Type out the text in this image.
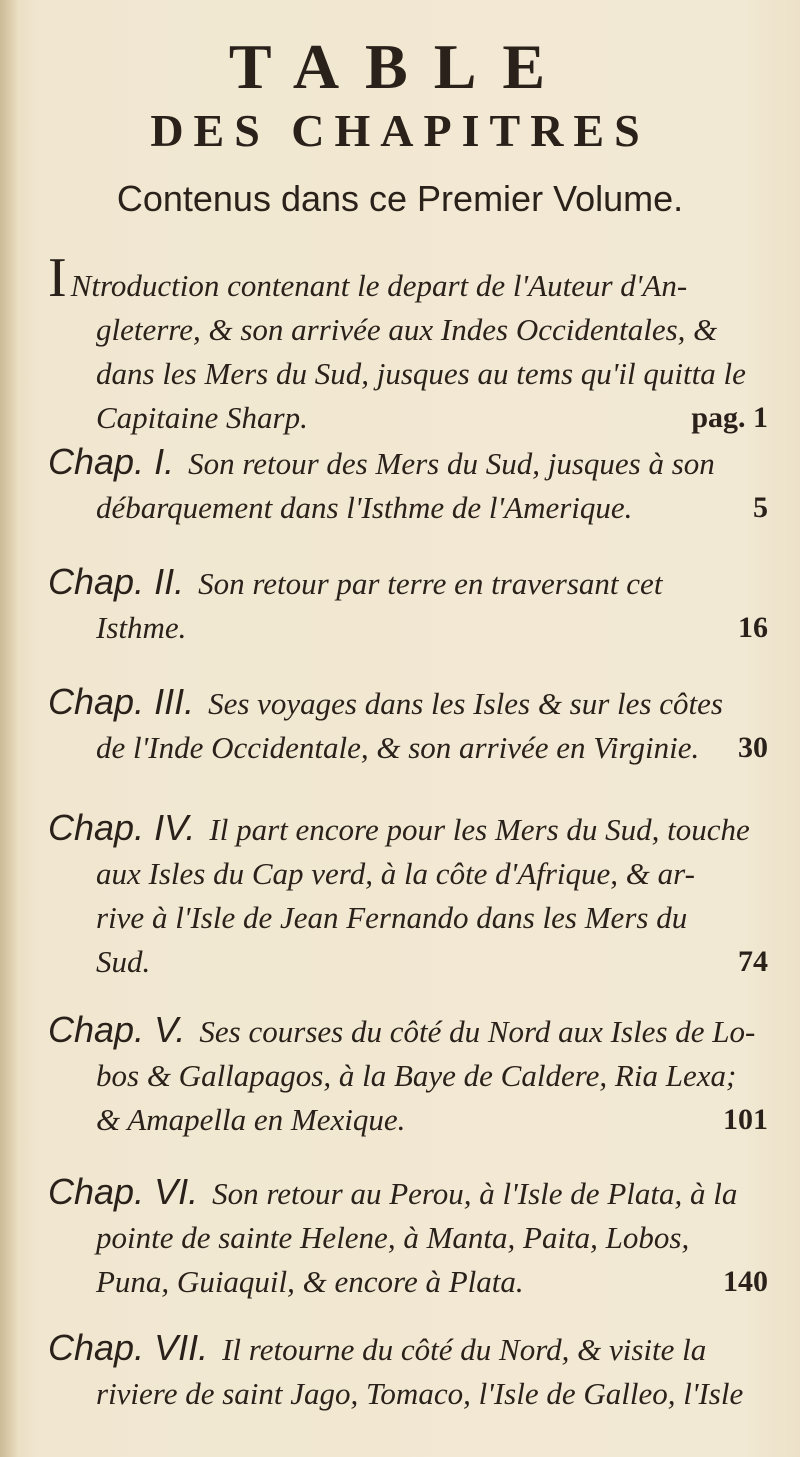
TABLE
DES CHAPITRES
Contenus dans ce Premier Volume.

I Ntroduction contenant le depart de l'Auteur d'An-

gleterre, & son arrivée aux Indes Occidentales, &

dans les Mers du Sud, jusques au tems qu'il quitta le

Capitaine Sharp.	pag. 1

Chap. I. Son retour des Mers du Sud, jusques à son

débarquement dans l'Isthme de l'Amerique.	5

Chap. II. Son retour par terre en traversant cet

Isthme.	16

Chap. III. Ses voyages dans les Isles & sur les côtes

de l'Inde Occidentale, & son arrivée en Virginie. 30

Chap. IV. Il part encore pour les Mers du Sud, touche

aux Isles du Cap verd, à la côte d'Afrique, & ar-

rive à l'Isle de Jean Fernando dans les Mers du

Sud.	74

Chap. V. Ses courses du côté du Nord aux Isles de Lo-

bos & Gallapagos, à la Baye de Caldere, Ria Lexa;

& Amapella en Mexique.	101

Chap. VI. Son retour au Perou, à l'Isle de Plata, à la

pointe de sainte Helene, à Manta, Paita, Lobos,

Puna, Guiaquil, & encore à Plata.	140

Chap. VII. Il retourne du côté du Nord, & visite la

riviere de saint Jago, Tomaco, l'Isle de Galleo, l'Isle
